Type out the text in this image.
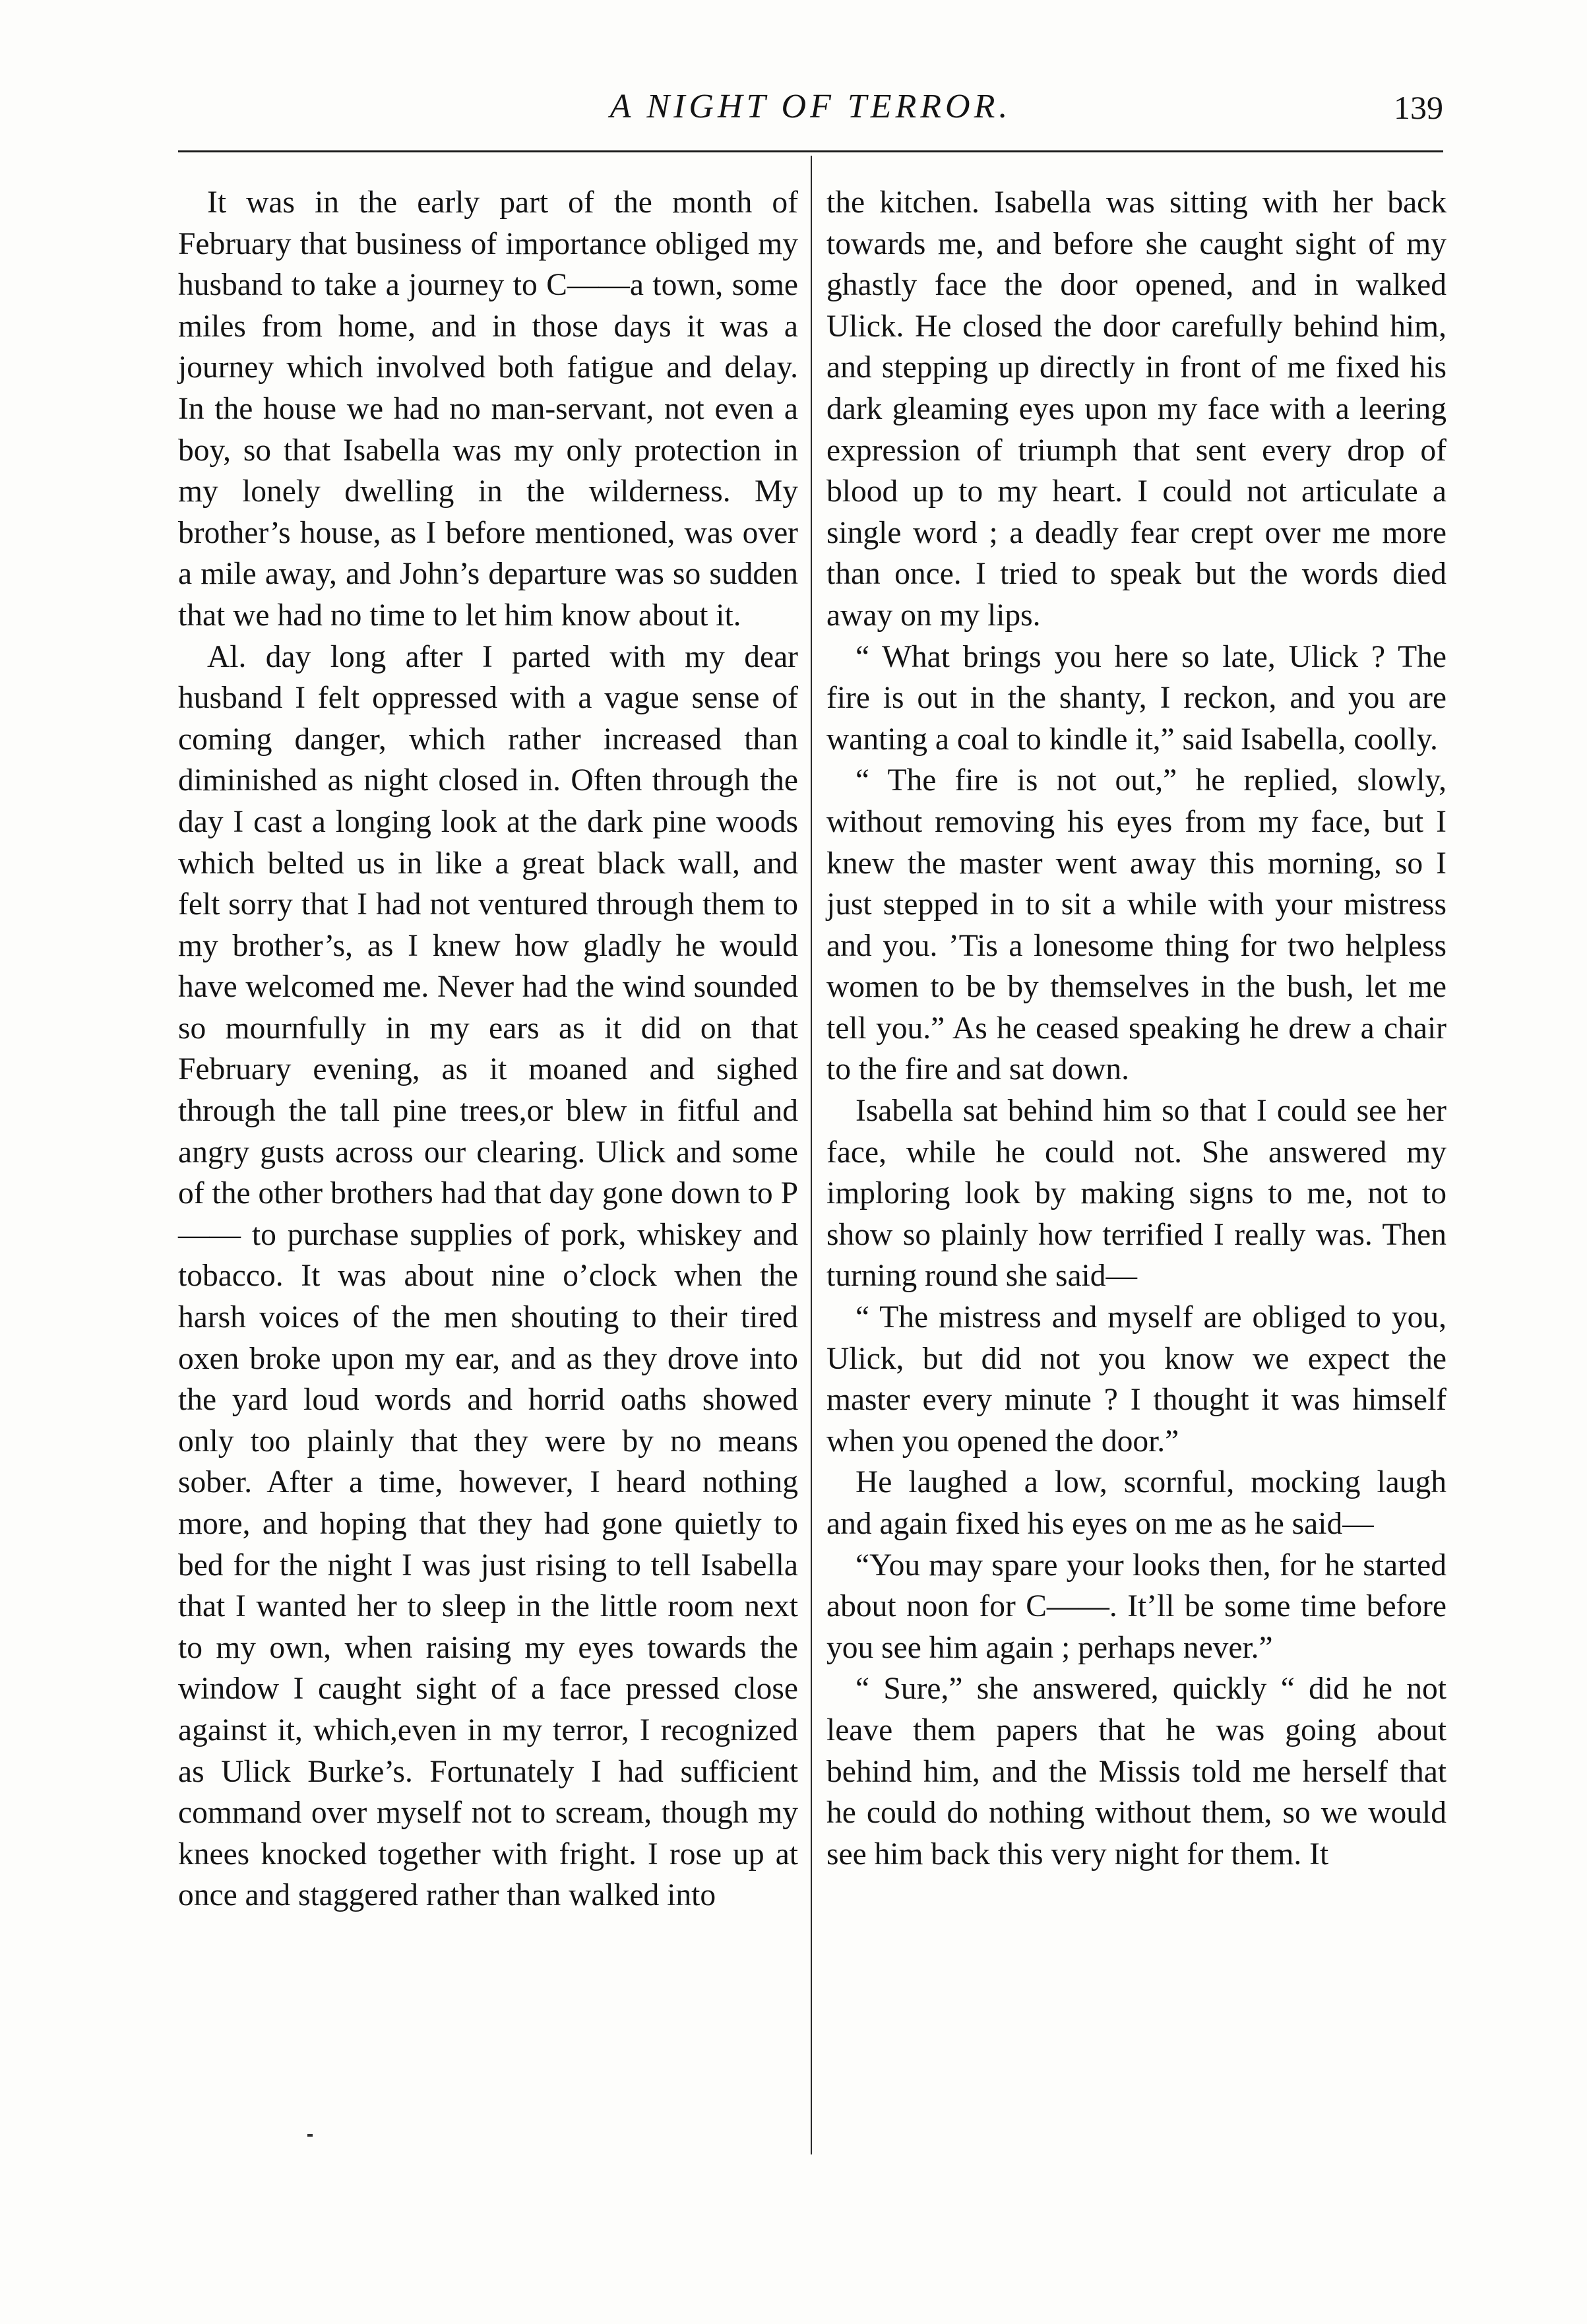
A NIGHT OF TERROR.	139

It was in the early part of the month of February that business of importance obliged my husband to take a journey to C——a town, some miles from home, and in those days it was a journey which involved both fatigue and delay. In the house we had no man-servant, not even a boy, so that Isabella was my only protection in my lonely dwelling in the wilderness. My brother’s house, as I before mentioned, was over a mile away, and John’s departure was so sudden that we had no time to let him know about it.

Al. day long after I parted with my dear husband I felt oppressed with a vague sense of coming danger, which rather increased than diminished as night closed in. Often through the day I cast a longing look at the dark pine woods which belted us in like a great black wall, and felt sorry that I had not ventured through them to my brother’s, as I knew how gladly he would have welcomed me. Never had the wind sounded so mournfully in my ears as it did on that February evening, as it moaned and sighed through the tall pine trees,or blew in fitful and angry gusts across our clearing. Ulick and some of the other brothers had that day gone down to P—— to purchase supplies of pork, whiskey and tobacco. It was about nine o’clock when the harsh voices of the men shouting to their tired oxen broke upon my ear, and as they drove into the yard loud words and horrid oaths showed only too plainly that they were by no means sober. After a time, however, I heard nothing more, and hoping that they had gone quietly to bed for the night I was just rising to tell Isabella that I wanted her to sleep in the little room next to my own, when raising my eyes towards the window I caught sight of a face pressed close against it, which,even in my terror, I recognized as Ulick Burke’s. Fortunately I had sufficient command over myself not to scream, though my knees knocked together with fright. I rose up at once and staggered rather than walked into

the kitchen. Isabella was sitting with her back towards me, and before she caught sight of my ghastly face the door opened, and in walked Ulick. He closed the door carefully behind him, and stepping up directly in front of me fixed his dark gleaming eyes upon my face with a leering expression of triumph that sent every drop of blood up to my heart. I could not articulate a single word ; a deadly fear crept over me more than once. I tried to speak but the words died away on my lips.

“ What brings you here so late, Ulick ? The fire is out in the shanty, I reckon, and you are wanting a coal to kindle it,” said Isabella, coolly.

“ The fire is not out,” he replied, slowly, without removing his eyes from my face, but I knew the master went away this morning, so I just stepped in to sit a while with your mistress and you. ’Tis a lonesome thing for two helpless women to be by themselves in the bush, let me tell you.” As he ceased speaking he drew a chair to the fire and sat down.

Isabella sat behind him so that I could see her face, while he could not. She answered my imploring look by making signs to me, not to show so plainly how terrified I really was. Then turning round she said—

“ The mistress and myself are obliged to you, Ulick, but did not you know we expect the master every minute ? I thought it was himself when you opened the door.”

He laughed a low, scornful, mocking laugh and again fixed his eyes on me as he said—

“You may spare your looks then, for he started about noon for C——. It’ll be some time before you see him again ; perhaps never.”

“ Sure,” she answered, quickly “ did he not leave them papers that he was going about behind him, and the Missis told me herself that he could do nothing without them, so we would see him back this very night for them. It
